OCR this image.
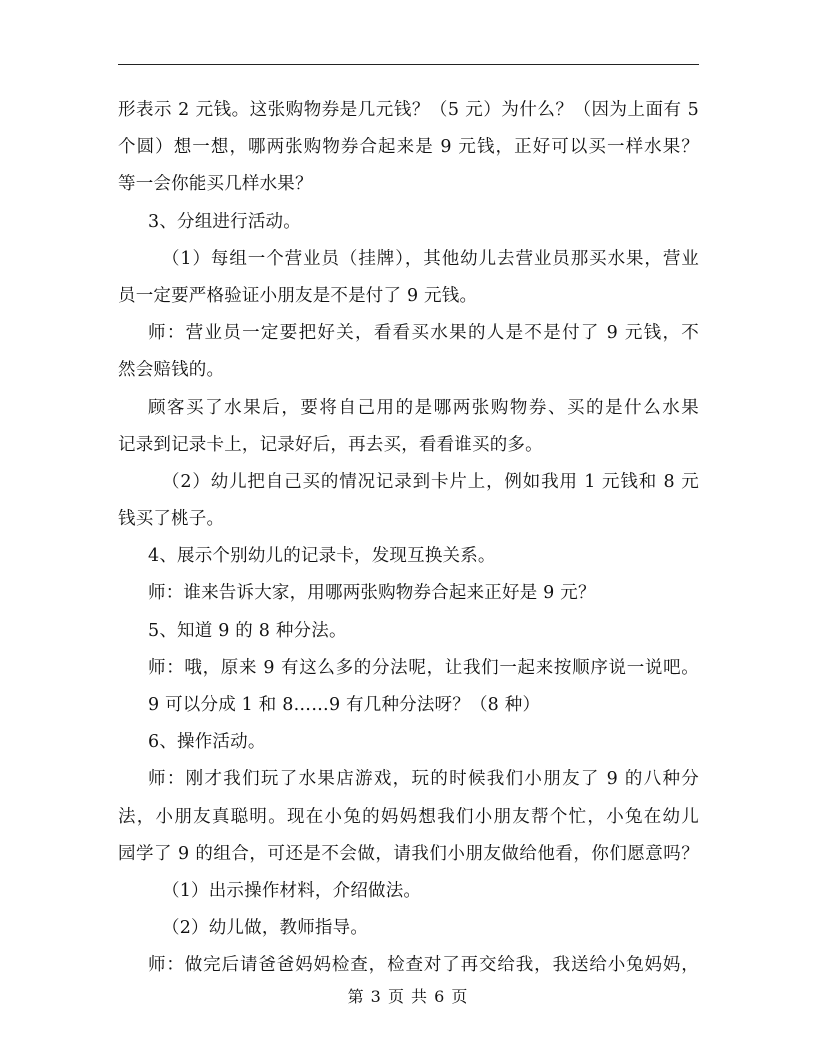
形表示 2 元钱。这张购物券是几元钱？（5 元）为什么？（因为上面有 5
个圆）想一想，哪两张购物券合起来是 9 元钱，正好可以买一样水果？
等一会你能买几样水果？
3、分组进行活动。
（1）每组一个营业员（挂牌），其他幼儿去营业员那买水果，营业
员一定要严格验证小朋友是不是付了 9 元钱。
师：营业员一定要把好关，看看买水果的人是不是付了 9 元钱，不
然会赔钱的。
顾客买了水果后，要将自己用的是哪两张购物券、买的是什么水果
记录到记录卡上，记录好后，再去买，看看谁买的多。
（2）幼儿把自己买的情况记录到卡片上，例如我用 1 元钱和 8 元
钱买了桃子。
4、展示个别幼儿的记录卡，发现互换关系。
师：谁来告诉大家，用哪两张购物券合起来正好是 9 元？
5、知道 9 的 8 种分法。
师：哦，原来 9 有这么多的分法呢，让我们一起来按顺序说一说吧。
9 可以分成 1 和 8……9 有几种分法呀？（8 种）
6、操作活动。
师：刚才我们玩了水果店游戏，玩的时候我们小朋友了 9 的八种分
法，小朋友真聪明。现在小兔的妈妈想我们小朋友帮个忙，小兔在幼儿
园学了 9 的组合，可还是不会做，请我们小朋友做给他看，你们愿意吗？
（1）出示操作材料，介绍做法。
（2）幼儿做，教师指导。
师：做完后请爸爸妈妈检查，检查对了再交给我，我送给小兔妈妈，
第 3 页 共 6 页
